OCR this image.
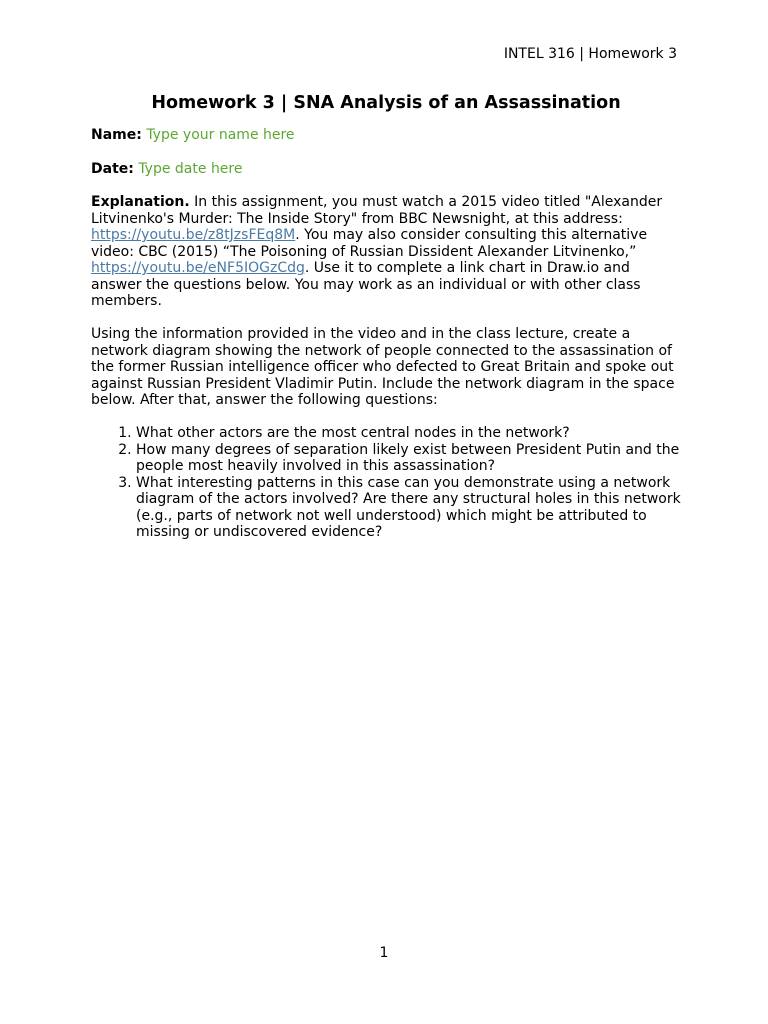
INTEL 316 | Homework 3
Homework 3 | SNA Analysis of an Assassination
Name: Type your name here
Date: Type date here

Explanation. In this assignment, you must watch a 2015 video titled "Alexander Litvinenko's Murder: The Inside Story" from BBC Newsnight, at this address: https://youtu.be/z8tJzsFEq8M. You may also consider consulting this alternative video: CBC (2015) “The Poisoning of Russian Dissident Alexander Litvinenko,” https://youtu.be/eNF5IOGzCdg. Use it to complete a link chart in Draw.io and answer the questions below. You may work as an individual or with other class members.

Using the information provided in the video and in the class lecture, create a network diagram showing the network of people connected to the assassination of the former Russian intelligence officer who defected to Great Britain and spoke out against Russian President Vladimir Putin. Include the network diagram in the space below. After that, answer the following questions:

1. What other actors are the most central nodes in the network?
2. How many degrees of separation likely exist between President Putin and the people most heavily involved in this assassination?
3. What interesting patterns in this case can you demonstrate using a network diagram of the actors involved? Are there any structural holes in this network (e.g., parts of network not well understood) which might be attributed to missing or undiscovered evidence?
1
